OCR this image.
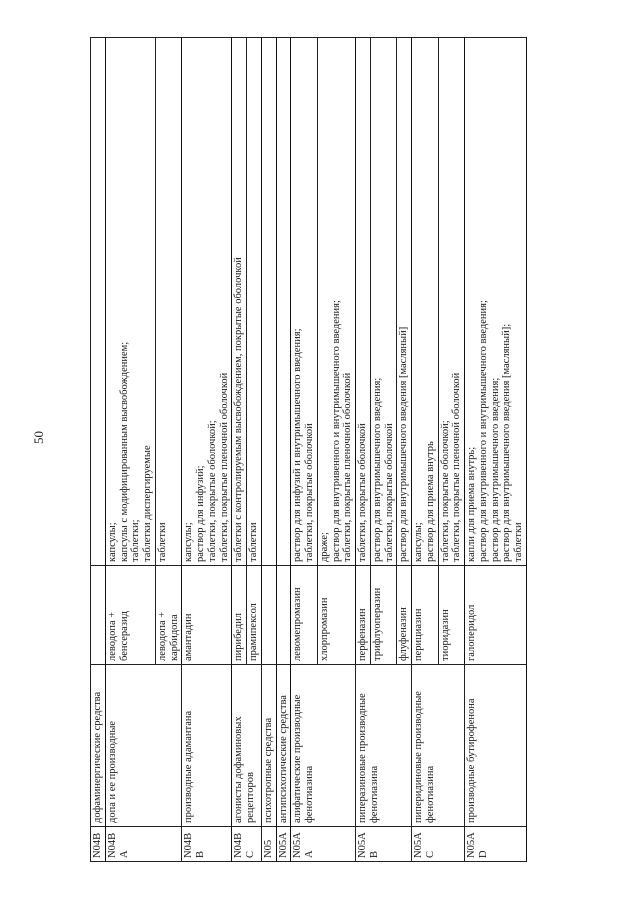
50
N04B	дофаминергические средства		
N04BA	допа и ее производные	леводопа + бенсеразид	капсулы;
капсулы с модифицированным высвобождением;
таблетки;
таблетки диспергируемые
		леводопа + карбидопа	таблетки
N04BB	производные адамантана	амантадин	капсулы;
раствор для инфузий;
таблетки, покрытые оболочкой;
таблетки, покрытые пленочной оболочкой
N04BC	агонисты дофаминовых рецепторов	пирибедил	таблетки с контролируемым высвобождением, покрытые оболочкой
		прамипексол	таблетки
N05	психотропные средства		
N05A	антипсихотические средства		
N05AA	алифатические производные фенотиазина	левомепромазин	раствор для инфузий и внутримышечного введения;
таблетки, покрытые оболочкой
		хлорпромазин	драже;
раствор для внутривенного и внутримышечного введения;
таблетки, покрытые пленочной оболочкой
N05AB	пиперазиновые производные фенотиазина	перфеназин	таблетки, покрытые оболочкой
		трифлуоперазин	раствор для внутримышечного введения;
таблетки, покрытые оболочкой
		флуфеназин	раствор для внутримышечного введения [масляный]
N05AC	пиперидиновые производные фенотиазина	перициазин	капсулы;
раствор для приема внутрь
		тиоридазин	таблетки, покрытые оболочкой;
таблетки, покрытые пленочной оболочкой
N05AD	производные бутирофенона	галоперидол	капли для приема внутрь;
раствор для внутривенного и внутримышечного введения;
раствор для внутримышечного введения;
раствор для внутримышечного введения [масляный];
таблетки
